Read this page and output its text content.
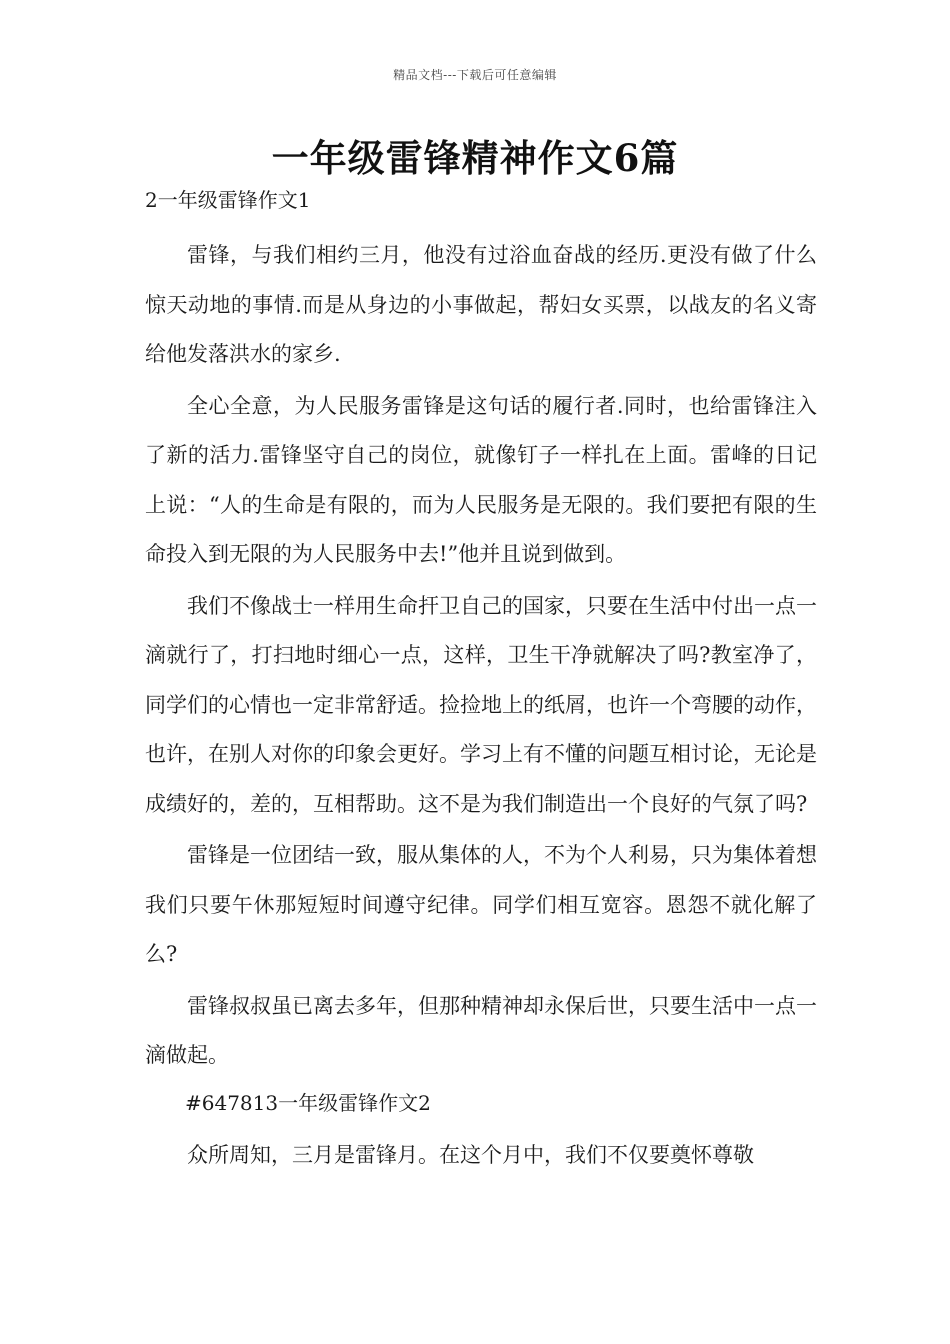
精品文档---下载后可任意编辑
一年级雷锋精神作文6篇
2一年级雷锋作文1

雷锋，与我们相约三月，他没有过浴血奋战的经历.更没有做了什么惊天动地的事情.而是从身边的小事做起，帮妇女买票，以战友的名义寄给他发落洪水的家乡.

全心全意，为人民服务雷锋是这句话的履行者.同时，也给雷锋注入了新的活力.雷锋坚守自己的岗位，就像钉子一样扎在上面。雷峰的日记上说：“人的生命是有限的，而为人民服务是无限的。我们要把有限的生命投入到无限的为人民服务中去!”他并且说到做到。

我们不像战士一样用生命扞卫自己的国家，只要在生活中付出一点一滴就行了，打扫地时细心一点，这样，卫生干净就解决了吗?教室净了，同学们的心情也一定非常舒适。捡捡地上的纸屑，也许一个弯腰的动作，也许，在别人对你的印象会更好。学习上有不懂的问题互相讨论，无论是成绩好的，差的，互相帮助。这不是为我们制造出一个良好的气氛了吗?

雷锋是一位团结一致，服从集体的人，不为个人利易，只为集体着想我们只要午休那短短时间遵守纪律。同学们相互宽容。恩怨不就化解了么?

雷锋叔叔虽已离去多年，但那种精神却永保后世，只要生活中一点一滴做起。

#647813一年级雷锋作文2

众所周知，三月是雷锋月。在这个月中，我们不仅要奠怀尊敬
